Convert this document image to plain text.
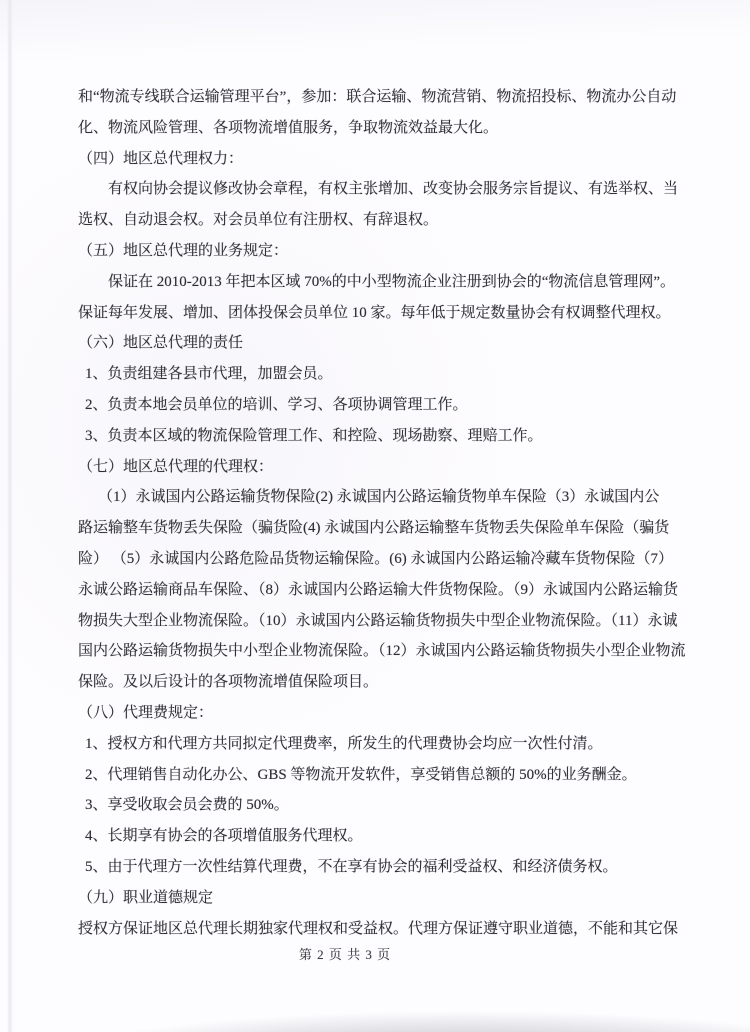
和“物流专线联合运输管理平台”，参加：联合运输、物流营销、物流招投标、物流办公自动
化、物流风险管理、各项物流增值服务，争取物流效益最大化。
（四）地区总代理权力：
有权向协会提议修改协会章程，有权主张增加、改变协会服务宗旨提议、有选举权、当
选权、自动退会权。对会员单位有注册权、有辞退权。
（五）地区总代理的业务规定：
保证在 2010-2013 年把本区域 70%的中小型物流企业注册到协会的“物流信息管理网”。
保证每年发展、增加、团体投保会员单位 10 家。每年低于规定数量协会有权调整代理权。
（六）地区总代理的责任
1、负责组建各县市代理，加盟会员。
2、负责本地会员单位的培训、学习、各项协调管理工作。
3、负责本区域的物流保险管理工作、和控险、现场勘察、理赔工作。
（七）地区总代理的代理权：
（1）永诚国内公路运输货物保险(2) 永诚国内公路运输货物单车保险（3）永诚国内公
路运输整车货物丢失保险（骗货险(4) 永诚国内公路运输整车货物丢失保险单车保险（骗货
险） （5）永诚国内公路危险品货物运输保险。(6) 永诚国内公路运输冷藏车货物保险（7）
永诚公路运输商品车保险、（8）永诚国内公路运输大件货物保险。（9）永诚国内公路运输货
物损失大型企业物流保险。（10）永诚国内公路运输货物损失中型企业物流保险。（11）永诚
国内公路运输货物损失中小型企业物流保险。（12）永诚国内公路运输货物损失小型企业物流
保险。及以后设计的各项物流增值保险项目。
（八）代理费规定：
1、授权方和代理方共同拟定代理费率，所发生的代理费协会均应一次性付清。
2、代理销售自动化办公、GBS 等物流开发软件，享受销售总额的 50%的业务酬金。
3、享受收取会员会费的 50%。
4、长期享有协会的各项增值服务代理权。
5、由于代理方一次性结算代理费，不在享有协会的福利受益权、和经济债务权。
（九）职业道德规定
授权方保证地区总代理长期独家代理权和受益权。代理方保证遵守职业道德，不能和其它保
第 2 页 共 3 页
